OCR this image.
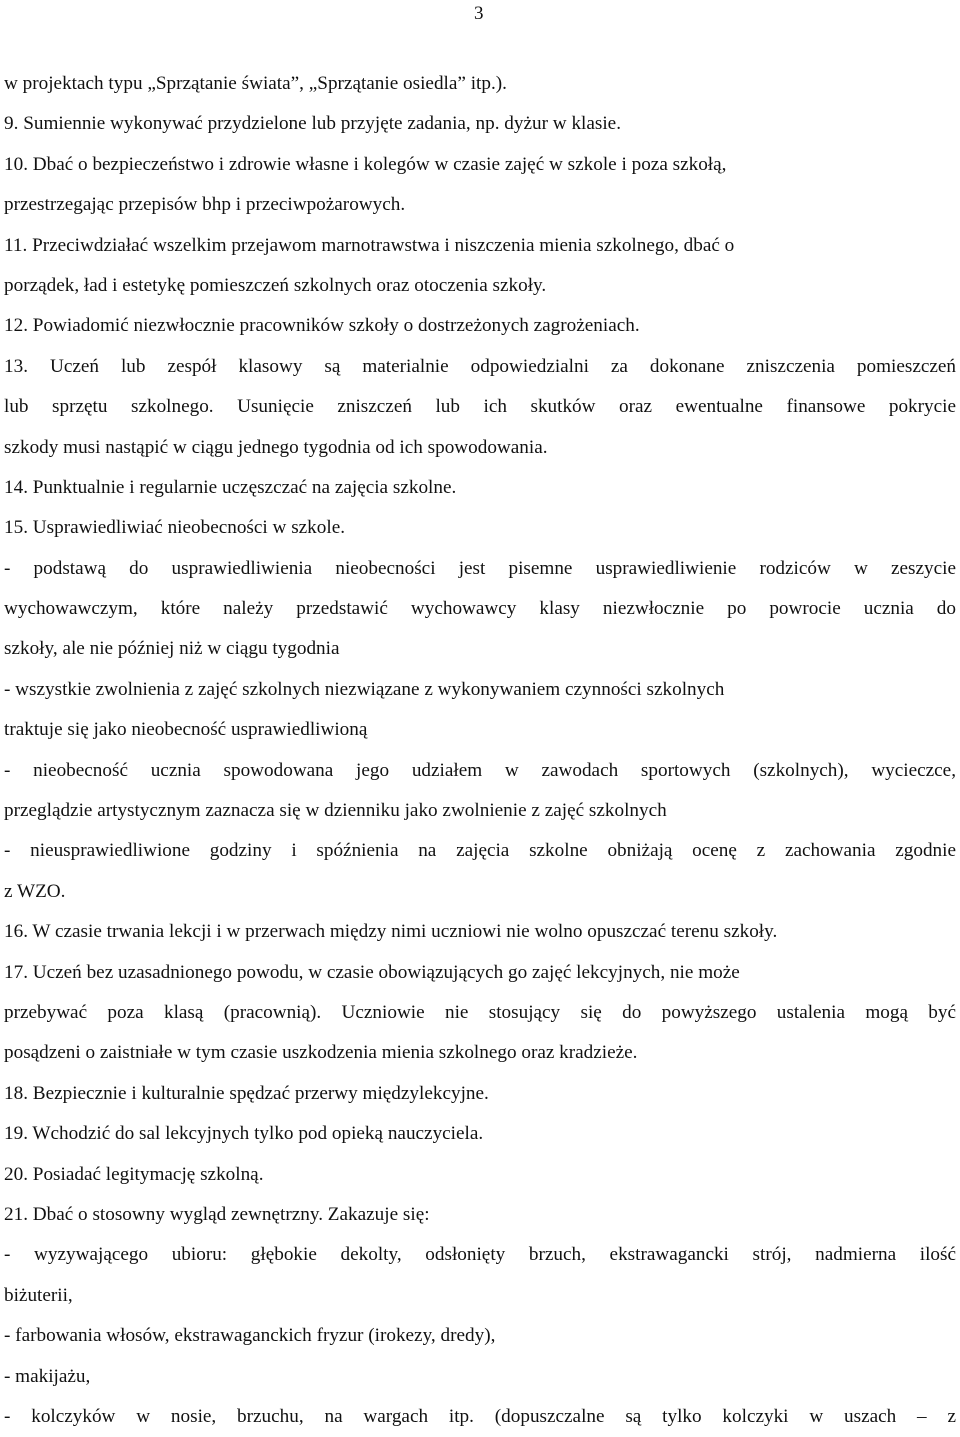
3
w projektach typu „Sprzątanie świata”, „Sprzątanie osiedla” itp.).
9. Sumiennie wykonywać przydzielone lub przyjęte zadania, np. dyżur w klasie.
10. Dbać o bezpieczeństwo i zdrowie własne i kolegów w czasie zajęć w szkole i poza szkołą,
przestrzegając przepisów bhp i przeciwpożarowych.
11. Przeciwdziałać wszelkim przejawom marnotrawstwa i niszczenia mienia szkolnego, dbać o
porządek, ład i estetykę pomieszczeń szkolnych oraz otoczenia szkoły.
12. Powiadomić niezwłocznie pracowników szkoły o dostrzeżonych zagrożeniach.
13. Uczeń lub zespół klasowy są materialnie odpowiedzialni za dokonane zniszczenia pomieszczeń
lub sprzętu szkolnego. Usunięcie zniszczeń lub ich skutków oraz ewentualne finansowe pokrycie
szkody musi nastąpić w ciągu jednego tygodnia od ich spowodowania.
14. Punktualnie i regularnie uczęszczać na zajęcia szkolne.
15. Usprawiedliwiać nieobecności w szkole.
- podstawą do usprawiedliwienia nieobecności jest pisemne usprawiedliwienie rodziców w zeszycie
wychowawczym, które należy przedstawić wychowawcy klasy niezwłocznie po powrocie ucznia do
szkoły, ale nie później niż w ciągu tygodnia
- wszystkie zwolnienia z zajęć szkolnych niezwiązane z wykonywaniem czynności szkolnych
traktuje się jako nieobecność usprawiedliwioną
- nieobecność ucznia spowodowana jego udziałem w zawodach sportowych (szkolnych), wycieczce,
przeglądzie artystycznym zaznacza się w dzienniku jako zwolnienie z zajęć szkolnych
- nieusprawiedliwione godziny i spóźnienia na zajęcia szkolne obniżają ocenę z zachowania zgodnie
z WZO.
16. W czasie trwania lekcji i w przerwach między nimi uczniowi nie wolno opuszczać terenu szkoły.
17. Uczeń bez uzasadnionego powodu, w czasie obowiązujących go zajęć lekcyjnych, nie może
przebywać poza klasą (pracownią). Uczniowie nie stosujący się do powyższego ustalenia mogą być
posądzeni o zaistniałe w tym czasie uszkodzenia mienia szkolnego oraz kradzieże.
18. Bezpiecznie i kulturalnie spędzać przerwy międzylekcyjne.
19. Wchodzić do sal lekcyjnych tylko pod opieką nauczyciela.
20. Posiadać legitymację szkolną.
21. Dbać o stosowny wygląd zewnętrzny. Zakazuje się:
- wyzywającego ubioru: głębokie dekolty, odsłonięty brzuch, ekstrawagancki strój, nadmierna ilość
biżuterii,
- farbowania włosów, ekstrawaganckich fryzur (irokezy, dredy),
- makijażu,
- kolczyków w nosie, brzuchu, na wargach itp. (dopuszczalne są tylko kolczyki w uszach – z
